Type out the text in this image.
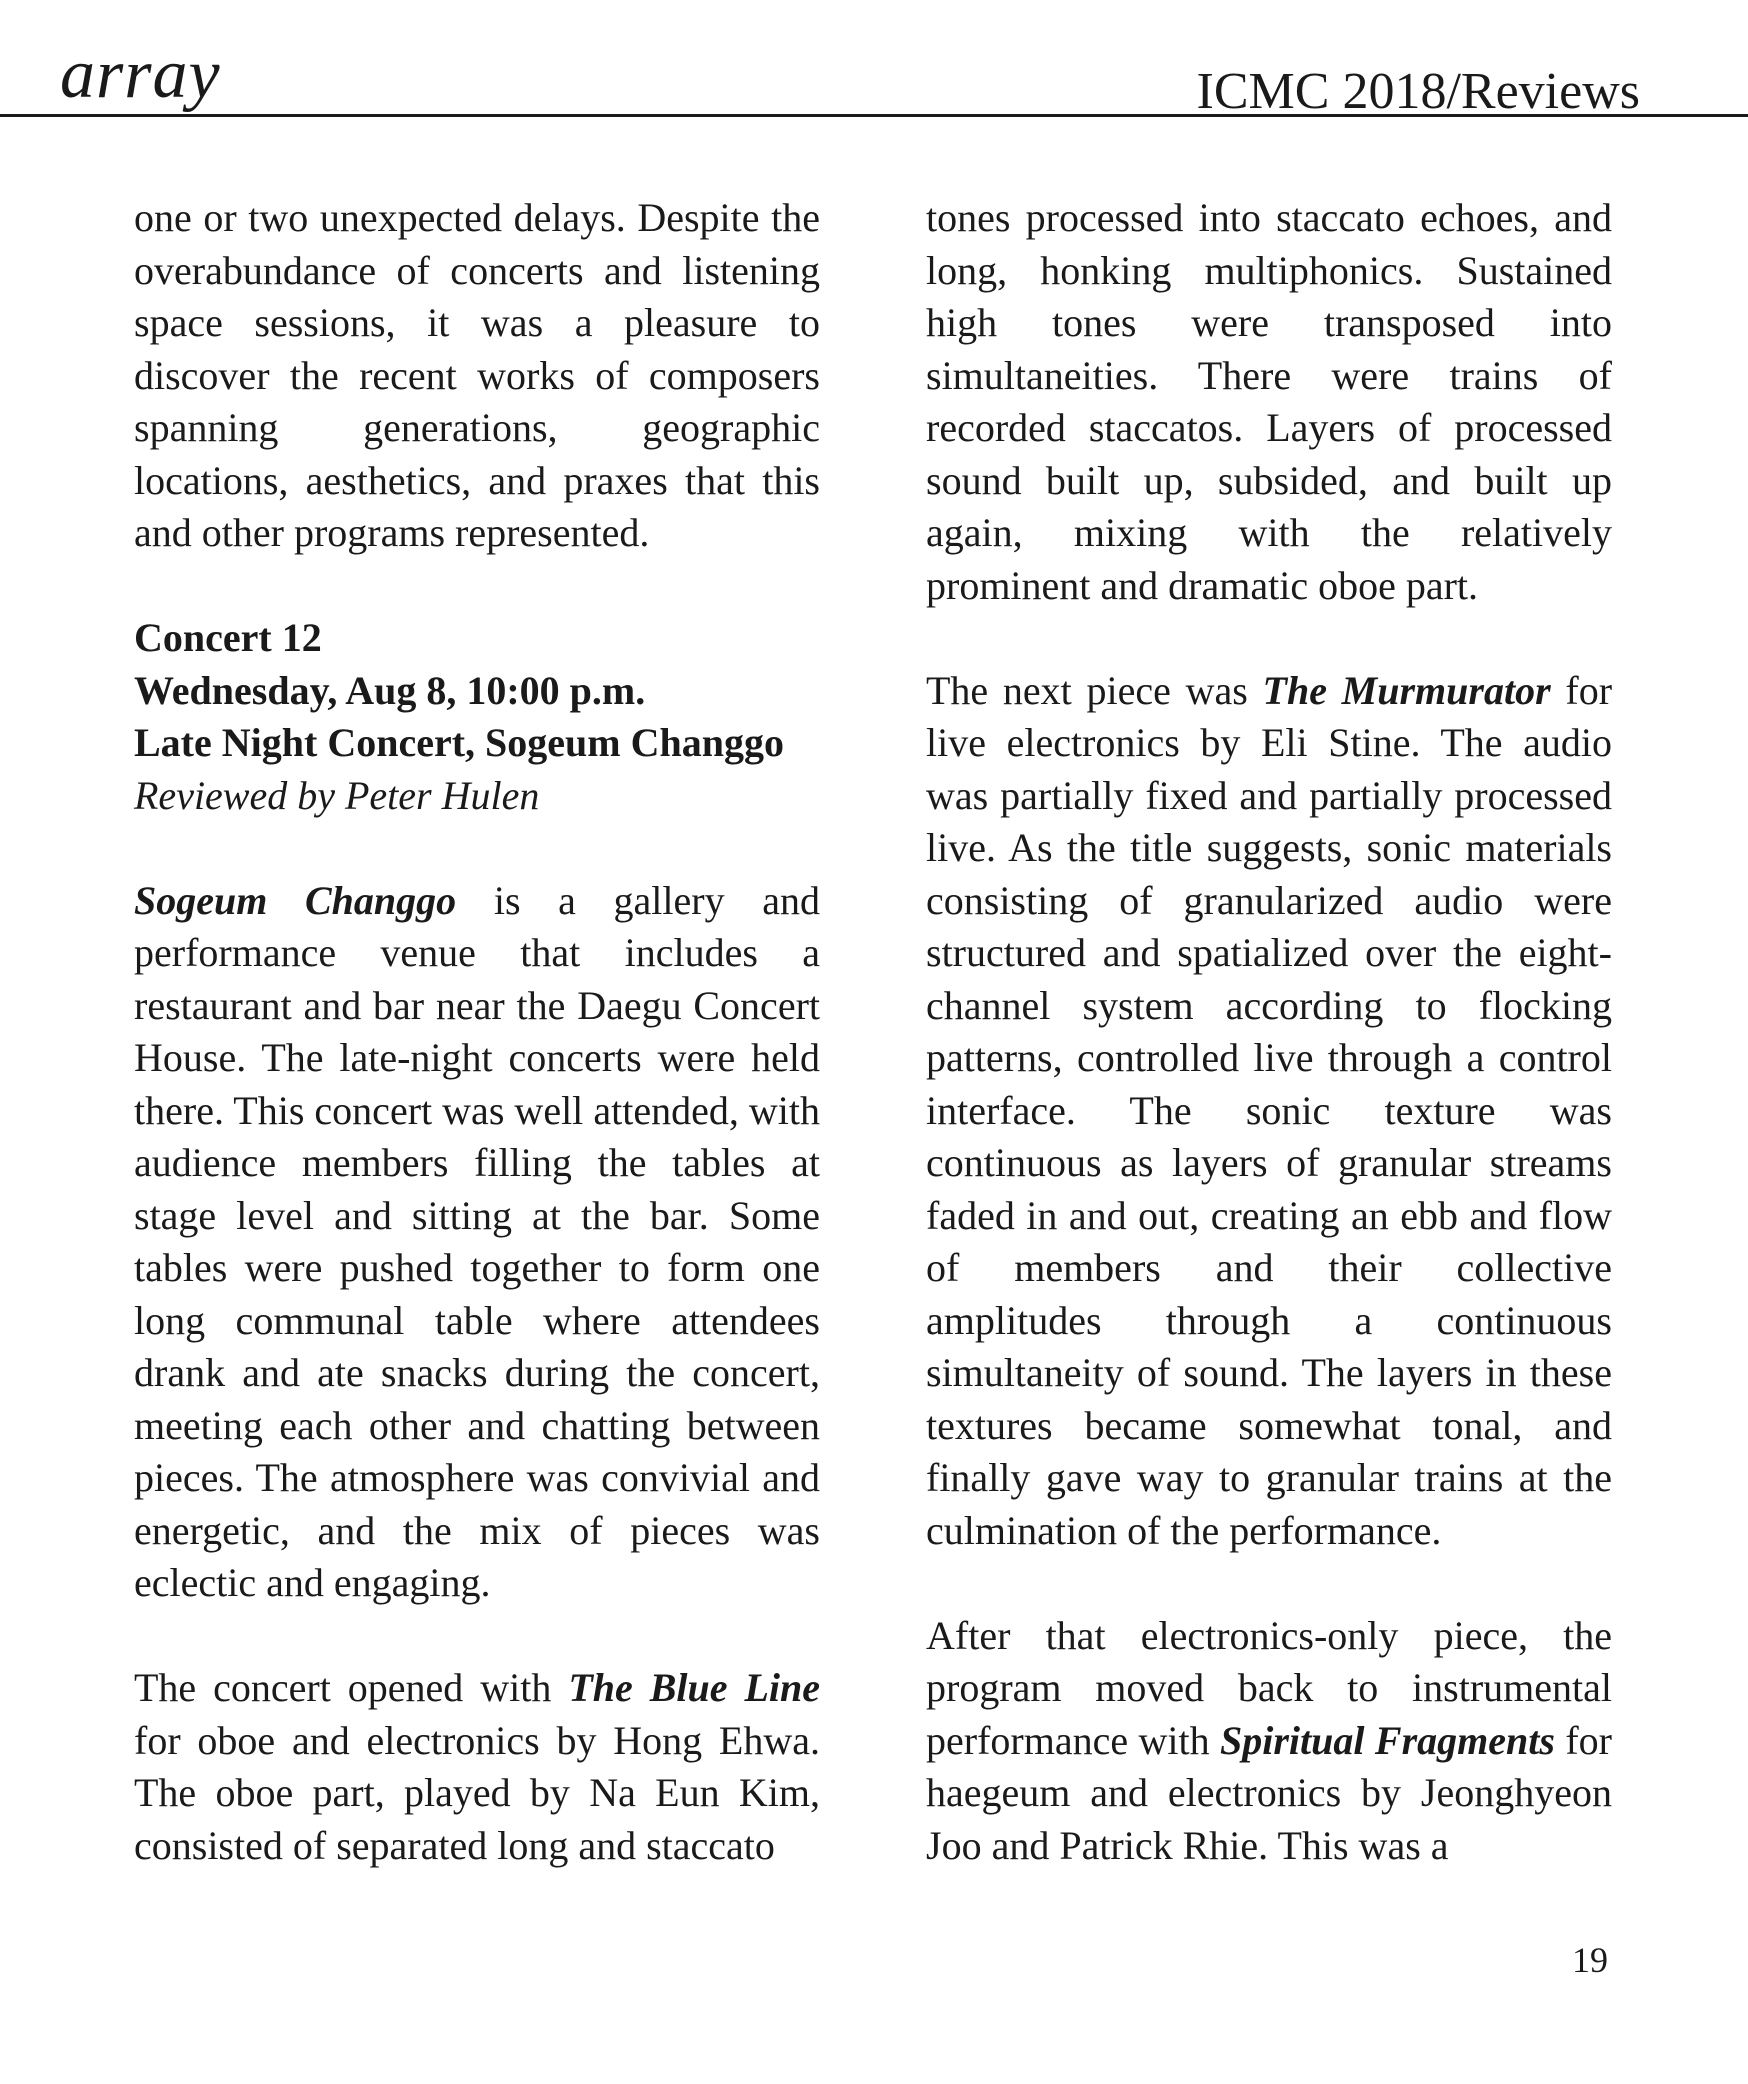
array	ICMC 2018/Reviews

one or two unexpected delays. Despite the overabundance of concerts and listening space sessions, it was a pleasure to discover the recent works of composers spanning generations, geographic locations, aesthetics, and praxes that this and other programs represented.

Concert 12
Wednesday, Aug 8, 10:00 p.m.
Late Night Concert, Sogeum Changgo
Reviewed by Peter Hulen

Sogeum Changgo is a gallery and performance venue that includes a restaurant and bar near the Daegu Concert House. The late-night concerts were held there. This concert was well attended, with audience members filling the tables at stage level and sitting at the bar. Some tables were pushed together to form one long communal table where attendees drank and ate snacks during the concert, meeting each other and chatting between pieces. The atmosphere was convivial and energetic, and the mix of pieces was eclectic and engaging.

The concert opened with The Blue Line for oboe and electronics by Hong Ehwa. The oboe part, played by Na Eun Kim, consisted of separated long and staccato

tones processed into staccato echoes, and long, honking multiphonics. Sustained high tones were transposed into simultaneities. There were trains of recorded staccatos. Layers of processed sound built up, subsided, and built up again, mixing with the relatively prominent and dramatic oboe part.

The next piece was The Murmurator for live electronics by Eli Stine. The audio was partially fixed and partially processed live. As the title suggests, sonic materials consisting of granularized audio were structured and spatialized over the eight-channel system according to flocking patterns, controlled live through a control interface. The sonic texture was continuous as layers of granular streams faded in and out, creating an ebb and flow of members and their collective amplitudes through a continuous simultaneity of sound. The layers in these textures became somewhat tonal, and finally gave way to granular trains at the culmination of the performance.

After that electronics-only piece, the program moved back to instrumental performance with Spiritual Fragments for haegeum and electronics by Jeonghyeon Joo and Patrick Rhie. This was a

19
